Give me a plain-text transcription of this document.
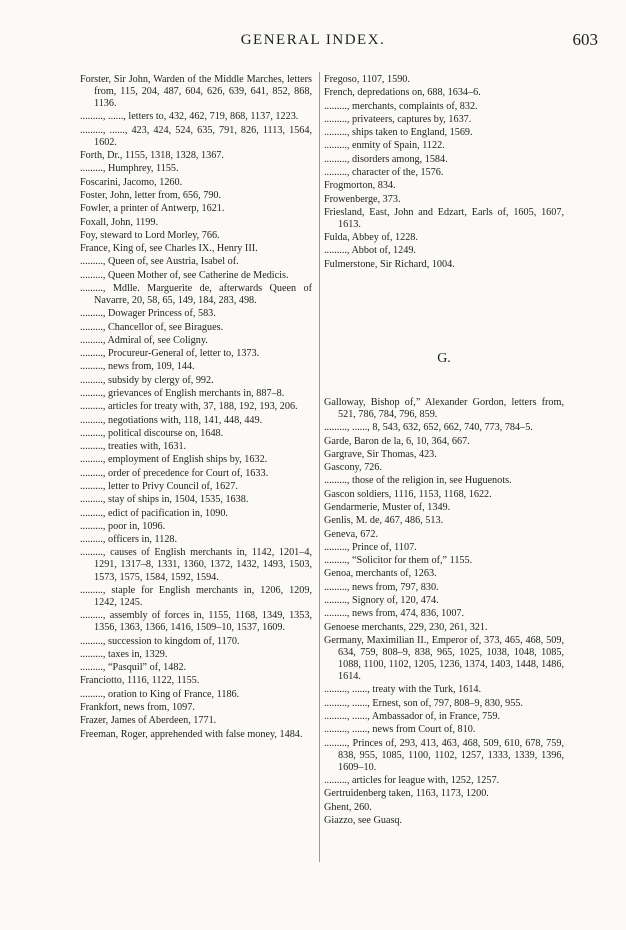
GENERAL INDEX.	603

Forster, Sir John, Warden of the Middle Marches, letters from, 115, 204, 487, 604, 626, 639, 641, 852, 868, 1136.

........., ......, letters to, 432, 462, 719, 868, 1137, 1223.

........., ......, 423, 424, 524, 635, 791, 826, 1113, 1564, 1602.

Forth, Dr., 1155, 1318, 1328, 1367.

........., Humphrey, 1155.

Foscarini, Jacomo, 1260.

Foster, John, letter from, 656, 790.

Fowler, a printer of Antwerp, 1621.

Foxall, John, 1199.

Foy, steward to Lord Morley, 766.

France, King of, see Charles IX., Henry III.

........., Queen of, see Austria, Isabel of.

........., Queen Mother of, see Catherine de Medicis.

........., Mdlle. Marguerite de, afterwards Queen of Navarre, 20, 58, 65, 149, 184, 283, 498.

........., Dowager Princess of, 583.

........., Chancellor of, see Biragues.

........., Admiral of, see Coligny.

........., Procureur-General of, letter to, 1373.

........., news from, 109, 144.

........., subsidy by clergy of, 992.

........., grievances of English merchants in, 887–8.

........., articles for treaty with, 37, 188, 192, 193, 206.

........., negotiations with, 118, 141, 448, 449.

........., political discourse on, 1648.

........., treaties with, 1631.

........., employment of English ships by, 1632.

........., order of precedence for Court of, 1633.

........., letter to Privy Council of, 1627.

........., stay of ships in, 1504, 1535, 1638.

........., edict of pacification in, 1090.

........., poor in, 1096.

........., officers in, 1128.

........., causes of English merchants in, 1142, 1201–4, 1291, 1317–8, 1331, 1360, 1372, 1432, 1493, 1503, 1573, 1575, 1584, 1592, 1594.

........., staple for English merchants in, 1206, 1209, 1242, 1245.

........., assembly of forces in, 1155, 1168, 1349, 1353, 1356, 1363, 1366, 1416, 1509–10, 1537, 1609.

........., succession to kingdom of, 1170.

........., taxes in, 1329.

........., “Pasquil” of, 1482.

Franciotto, 1116, 1122, 1155.

........., oration to King of France, 1186.

Frankfort, news from, 1097.

Frazer, James of Aberdeen, 1771.

Freeman, Roger, apprehended with false money, 1484.

Fregoso, 1107, 1590.

French, depredations on, 688, 1634–6.

........., merchants, complaints of, 832.

........., privateers, captures by, 1637.

........., ships taken to England, 1569.

........., enmity of Spain, 1122.

........., disorders among, 1584.

........., character of the, 1576.

Frogmorton, 834.

Frowenberge, 373.

Friesland, East, John and Edzart, Earls of, 1605, 1607, 1613.

Fulda, Abbey of, 1228.

........., Abbot of, 1249.

Fulmerstone, Sir Richard, 1004.

G.

Galloway, Bishop of,” Alexander Gordon, letters from, 521, 786, 784, 796, 859.

........., ......, 8, 543, 632, 652, 662, 740, 773, 784–5.

Garde, Baron de la, 6, 10, 364, 667.

Gargrave, Sir Thomas, 423.

Gascony, 726.

........., those of the religion in, see Huguenots.

Gascon soldiers, 1116, 1153, 1168, 1622.

Gendarmerie, Muster of, 1349.

Genlis, M. de, 467, 486, 513.

Geneva, 672.

........., Prince of, 1107.

........., “Solicitor for them of,” 1155.

Genoa, merchants of, 1263.

........., news from, 797, 830.

........., Signory of, 120, 474.

........., news from, 474, 836, 1007.

Genoese merchants, 229, 230, 261, 321.

Germany, Maximilian II., Emperor of, 373, 465, 468, 509, 634, 759, 808–9, 838, 965, 1025, 1038, 1048, 1085, 1088, 1100, 1102, 1205, 1236, 1374, 1403, 1448, 1486, 1614.

........., ......, treaty with the Turk, 1614.

........., ......, Ernest, son of, 797, 808–9, 830, 955.

........., ......, Ambassador of, in France, 759.

........., ......, news from Court of, 810.

........., Princes of, 293, 413, 463, 468, 509, 610, 678, 759, 838, 955, 1085, 1100, 1102, 1257, 1333, 1339, 1396, 1609–10.

........., articles for league with, 1252, 1257.

Gertruidenberg taken, 1163, 1173, 1200.

Ghent, 260.

Giazzo, see Guasq.
